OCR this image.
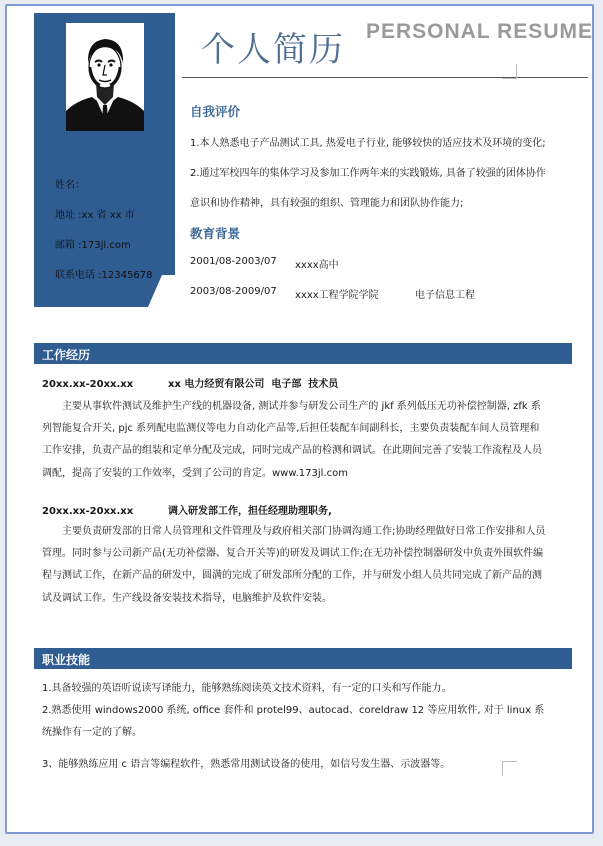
姓名：
地址 :xx 省 xx 市
邮箱 :173jl.com
联系电话 :12345678
个人简历 PERSONAL RESUME
自我评价
1.本人熟悉电子产品测试工具, 热爱电子行业, 能够较快的适应技术及环境的变化;
2.通过军校四年的集体学习及参加工作两年来的实践锻炼, 具备了较强的团体协作
意识和协作精神，具有较强的组织、管理能力和团队协作能力;
教育背景
2001/08-2003/07 xxxx高中
2003/08-2009/07 xxxx工程学院学院	电子信息工程
工作经历
20xx.xx-20xx.xx          xx 电力经贸有限公司  电子部  技术员
主要从事软件测试及维护生产线的机器设备, 测试并参与研发公司生产的 jkf 系列低压无功补偿控制器, zfk 系列智能复合开关, pjc 系列配电监测仪等电力自动化产品等,后担任装配车间副科长，主要负责装配车间人员管理和工作安排，负责产品的组装和定单分配及完成，同时完成产品的检测和调试。在此期间完善了安装工作流程及人员调配，提高了安装的工作效率，受到了公司的肯定。www.173jl.com
20xx.xx-20xx.xx          调入研发部工作，担任经理助理职务,
主要负责研发部的日常人员管理和文件管理及与政府相关部门协调沟通工作;协助经理做好日常工作安排和人员管理。同时参与公司新产品(无功补偿器、复合开关等)的研发及调试工作;在无功补偿控制器研发中负责外围软件编程与测试工作，在新产品的研发中，圆满的完成了研发部所分配的工作，并与研发小组人员共同完成了新产品的测试及调试工作。生产线设备安装技术指导，电脑维护及软件安装。
职业技能
1.具备较强的英语听说读写译能力，能够熟练阅读英文技术资料，有一定的口头和写作能力。
2.熟悉使用 windows2000 系统, office 套件和 protel99、autocad、coreldraw 12 等应用软件, 对于 linux 系统操作有一定的了解。
3、能够熟练应用 c 语言等编程软件，熟悉常用测试设备的使用，如信号发生器、示波器等。
